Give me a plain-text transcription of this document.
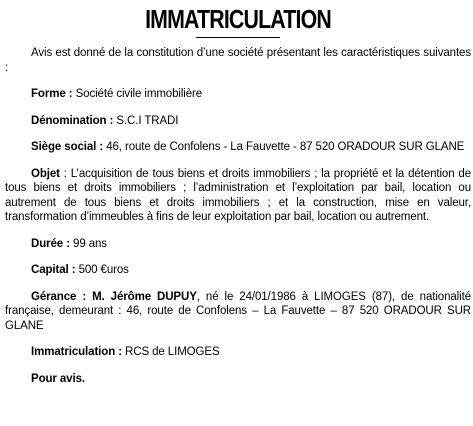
IMMATRICULATION

Avis est donné de la constitution d’une société présentant les caractéristiques suivantes :

Forme : Société civile immobilière

Dénomination : S.C.I TRADI

Siège social : 46, route de Confolens - La Fauvette - 87 520 ORADOUR SUR GLANE

Objet : L’acquisition de tous biens et droits immobiliers ; la propriété et la détention de tous biens et droits immobiliers ; l’administration et l’exploitation par bail, location ou autrement de tous biens et droits immobiliers ; et la construction, mise en valeur, transformation d’immeubles à fins de leur exploitation par bail, location ou autrement.

Durée : 99 ans

Capital : 500 €uros

Gérance : M. Jérôme DUPUY, né le 24/01/1986 à LIMOGES (87), de nationalité française, demeurant : 46, route de Confolens – La Fauvette – 87 520 ORADOUR SUR GLANE

Immatriculation : RCS de LIMOGES

Pour avis.
